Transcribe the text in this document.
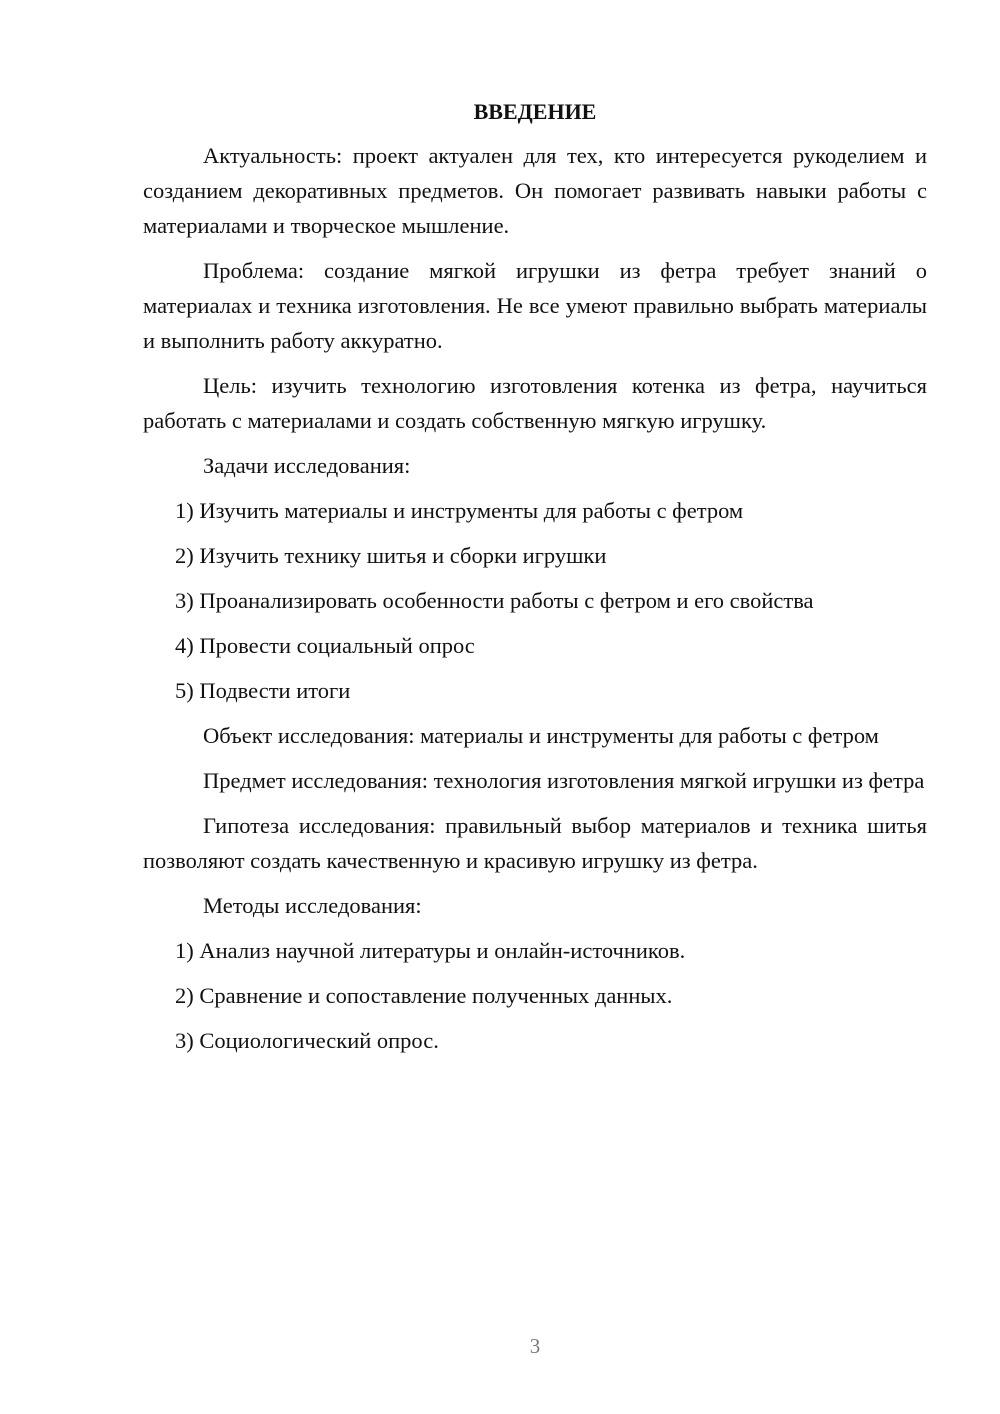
ВВЕДЕНИЕ
Актуальность: проект актуален для тех, кто интересуется рукоделием и созданием декоративных предметов. Он помогает развивать навыки работы с материалами и творческое мышление.
Проблема: создание мягкой игрушки из фетра требует знаний о материалах и техника изготовления. Не все умеют правильно выбрать материалы и выполнить работу аккуратно.
Цель: изучить технологию изготовления котенка из фетра, научиться работать с материалами и создать собственную мягкую игрушку.
Задачи исследования:
1) Изучить материалы и инструменты для работы с фетром
2) Изучить технику шитья и сборки игрушки
3) Проанализировать особенности работы с фетром и его свойства
4) Провести социальный опрос
5) Подвести итоги
Объект исследования: материалы и инструменты для работы с фетром
Предмет исследования: технология изготовления мягкой игрушки из фетра
Гипотеза исследования: правильный выбор материалов и техника шитья позволяют создать качественную и красивую игрушку из фетра.
Методы исследования:
1) Анализ научной литературы и онлайн-источников.
2) Сравнение и сопоставление полученных данных.
3) Социологический опрос.
3
